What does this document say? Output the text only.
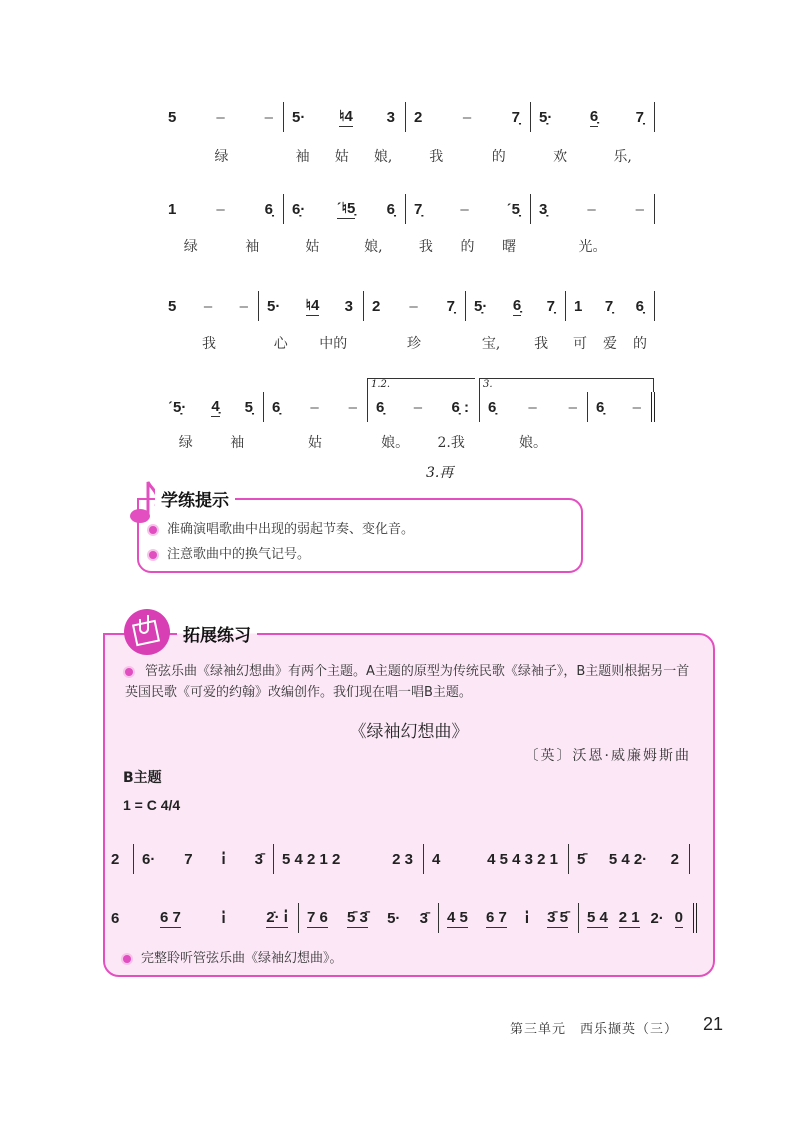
5	–	– 5· ♮4 3 2	–	7̣ 5̣· 6̣ 7̣
绿	袖 姑 娘,	我	的	欢	乐,
1	–	6̣ 6̣· ˊ♮5̣ 6̣ 7̣	–	ˊ5̣ 3̣	–	–
绿	袖	姑	娘,	我 的 曙	光。
5 – – 5· ♮4 3 2 – 7̣ 5̣· 6̣ 7̣ 1 7̣ 6̣
我	心 中的	珍	宝, 我 可 爱 的
ˊ5̣· 4̣ 5̣ 6̣ – – 6̣ – 6̣ : 6̣ – – 6̣ –
绿	袖	姑	娘。 2.我	娘。
1.2.	3.
3.再
学练提示
准确演唱歌曲中出现的弱起节奏、变化音。
注意歌曲中的换气记号。
拓展练习
管弦乐曲《绿袖幻想曲》有两个主题。A主题的原型为传统民歌《绿袖子》，B主题则根据另一首英国民歌《可爱的约翰》改编创作。我们现在唱一唱B主题。
《绿袖幻想曲》
〔英〕沃恩·威廉姆斯曲
B主题
1 = C 4/4
2 6· 7 i̇ 3̄ 5 4 2 1 2	2 3 4	4 5 4 3 2 1 5̄ 5 4 2· 2
6	6 7	i̇	2̇· i̇ 7 6 5̄ 3̄ 5· 3̄ 4 5 6 7 i̇ 3̄ 5̄ 5 4 2 1 2· 0
完整聆听管弦乐曲《绿袖幻想曲》。
第三单元　西乐撷英（三） 21
